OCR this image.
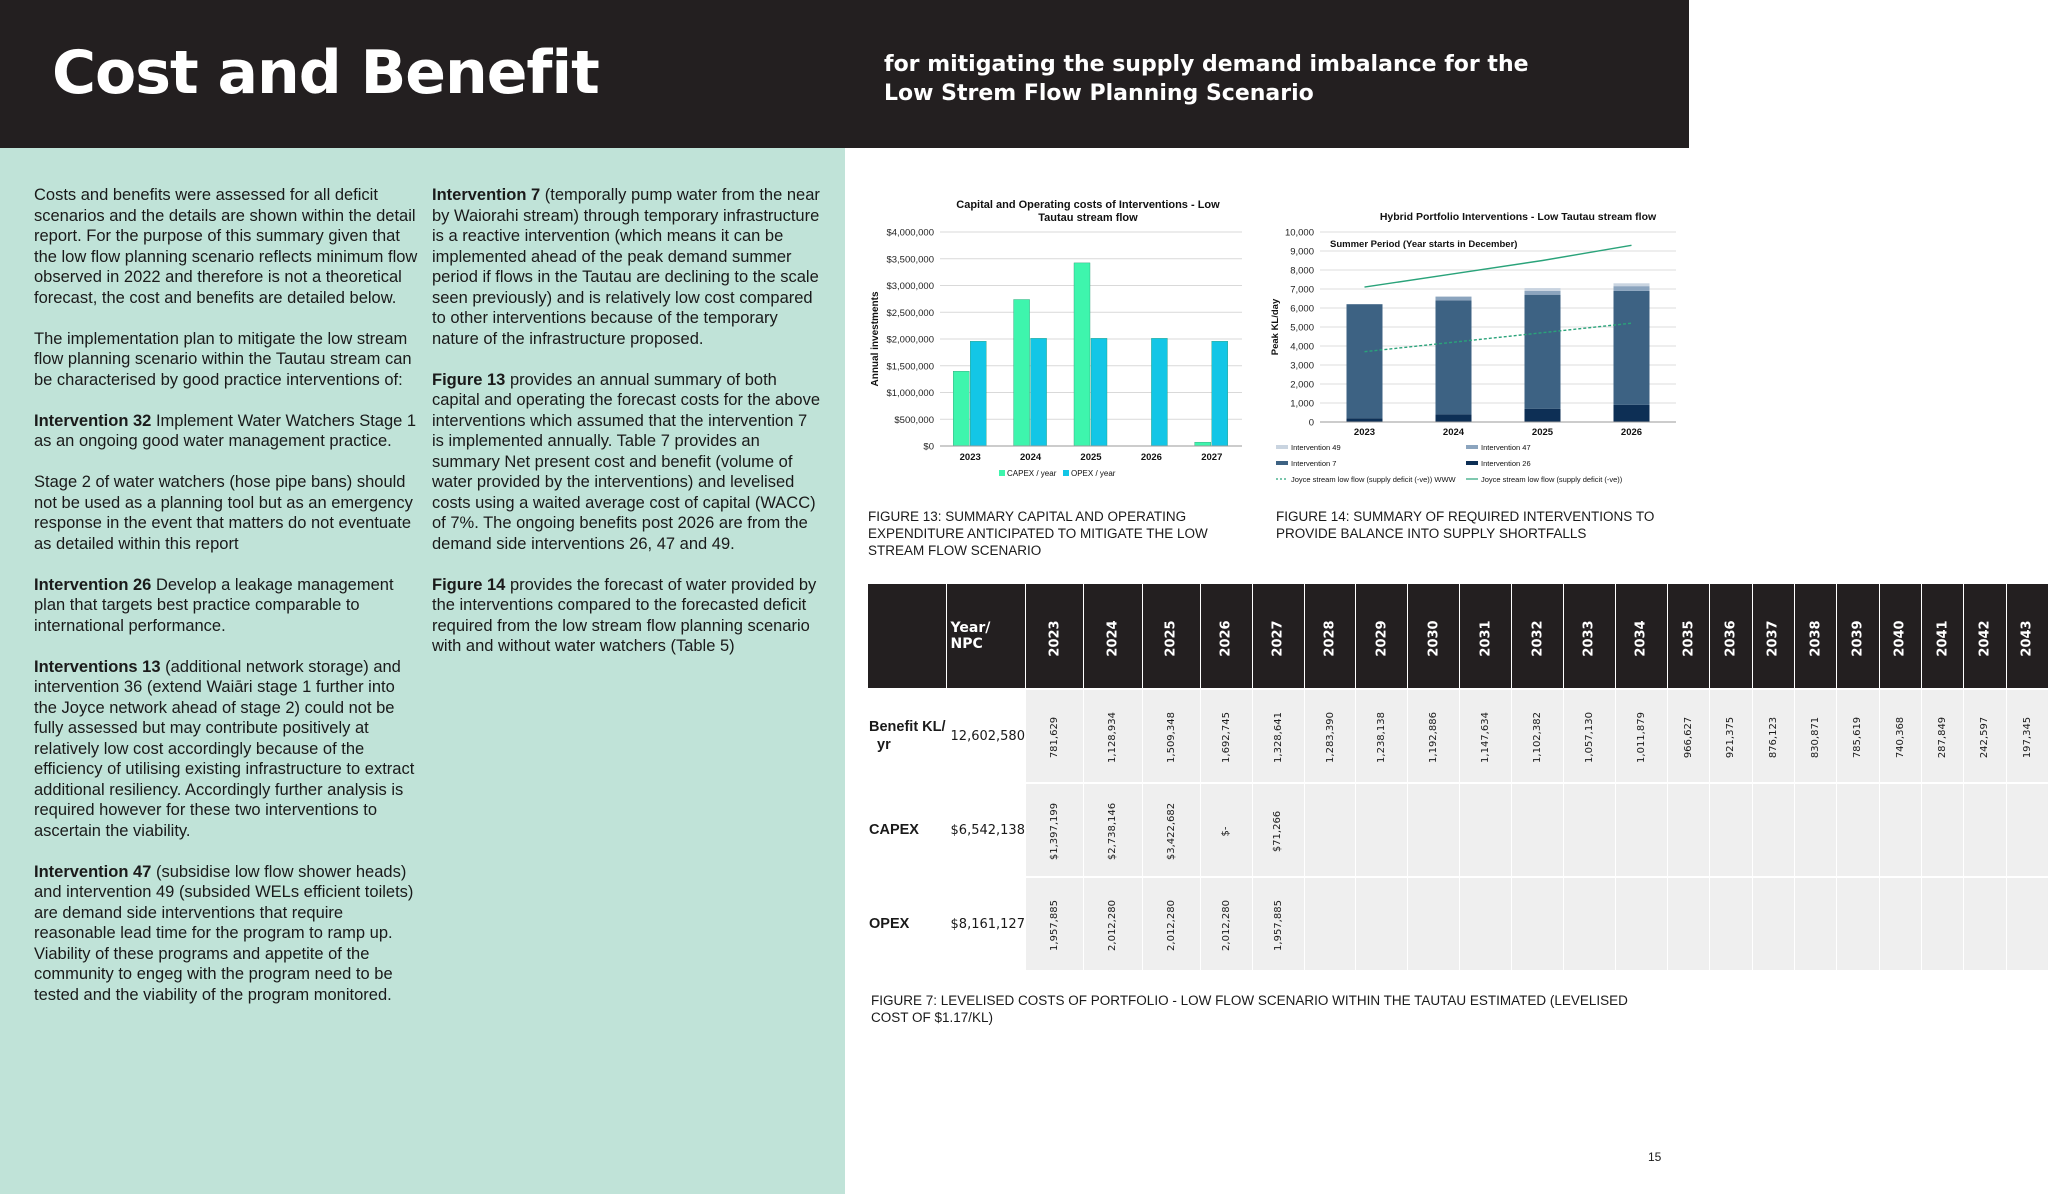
Cost and Benefit	for mitigating the supply demand imbalance for the
Low Strem Flow Planning Scenario

Costs and benefits were assessed for all deficit scenarios and the details are shown within the detail report. For the purpose of this summary given that the low flow planning scenario reflects minimum flow observed in 2022 and therefore is not a theoretical forecast, the cost and benefits are detailed below.

The implementation plan to mitigate the low stream flow planning scenario within the Tautau stream can be characterised by good practice interventions of:

Intervention 32 Implement Water Watchers Stage 1 as an ongoing good water management practice.

Stage 2 of water watchers (hose pipe bans) should not be used as a planning tool but as an emergency response in the event that matters do not eventuate as detailed within this report

Intervention 26 Develop a leakage management plan that targets best practice comparable to international performance.

Interventions 13 (additional network storage) and intervention 36 (extend Waiāri stage 1 further into the Joyce network ahead of stage 2) could not be fully assessed but may contribute positively at relatively low cost accordingly because of the efficiency of utilising existing infrastructure to extract additional resiliency. Accordingly further analysis is required however for these two interventions to ascertain the viability.

Intervention 47 (subsidise low flow shower heads) and intervention 49 (subsided WELs efficient toilets) are demand side interventions that require reasonable lead time for the program to ramp up. Viability of these programs and appetite of the community to engeg with the program need to be tested and the viability of the program monitored.

Intervention 7 (temporally pump water from the near by Waiorahi stream) through temporary infrastructure is a reactive intervention (which means it can be implemented ahead of the peak demand summer period if flows in the Tautau are declining to the scale seen previously) and is relatively low cost compared to other interventions because of the temporary nature of the infrastructure proposed.

Figure 13 provides an annual summary of both capital and operating the forecast costs for the above interventions which assumed that the intervention 7 is implemented annually. Table 7 provides an summary Net present cost and benefit (volume of water provided by the interventions) and levelised costs using a waited average cost of capital (WACC) of 7%. The ongoing benefits post 2026 are from the demand side interventions 26, 47 and 49.

Figure 14 provides the forecast of water provided by the interventions compared to the forecasted deficit required from the low stream flow planning scenario with and without water watchers (Table 5)

Capital and Operating costs of Interventions - Low
Tautau stream flow
$0
$500,000
$1,000,000
$1,500,000
$2,000,000
$2,500,000
$3,000,000
$3,500,000
$4,000,000
Annual investments
2023	2024	2025	2026	2027
CAPEX / year OPEX / year
FIGURE 13: SUMMARY CAPITAL AND OPERATING EXPENDITURE ANTICIPATED TO MITIGATE THE LOW STREAM FLOW SCENARIO
Hybrid Portfolio Interventions - Low Tautau stream flow
0
1,000
2,000
3,000
4,000
5,000
6,000
7,000
8,000
9,000
10,000
Summer Period (Year starts in December)
Peak KL/day
2023	2024	2025	2026
Intervention 49	Intervention 47
Intervention 7	Intervention 26
Joyce stream low flow (supply deficit (-ve)) WWW	Joyce stream low flow (supply deficit (-ve))
FIGURE 14: SUMMARY OF REQUIRED INTERVENTIONS TO PROVIDE BALANCE INTO SUPPLY SHORTFALLS
	Year/ NPC	2023	2024	2025	2026	2027	2028	2029	2030	2031	2032	2033	2034	2035	2036	2037	2038	2039	2040	2041	2042	2043
Benefit KL/
yr	12,602,580	781,629	1,128,934	1,509,348	1,692,745	1,328,641	1,283,390	1,238,138	1,192,886	1,147,634	1,102,382	1,057,130	1,011,879	966,627	921,375	876,123	830,871	785,619	740,368	287,849	242,597	197,345
CAPEX	$6,542,138	$1,397,199	$2,738,146	$3,422,682	$-	$71,266																
OPEX	$8,161,127	1,957,885	2,012,280	2,012,280	2,012,280	1,957,885																
FIGURE 7: LEVELISED COSTS OF PORTFOLIO - LOW FLOW SCENARIO WITHIN THE TAUTAU ESTIMATED (LEVELISED COST OF $1.17/KL)
15
